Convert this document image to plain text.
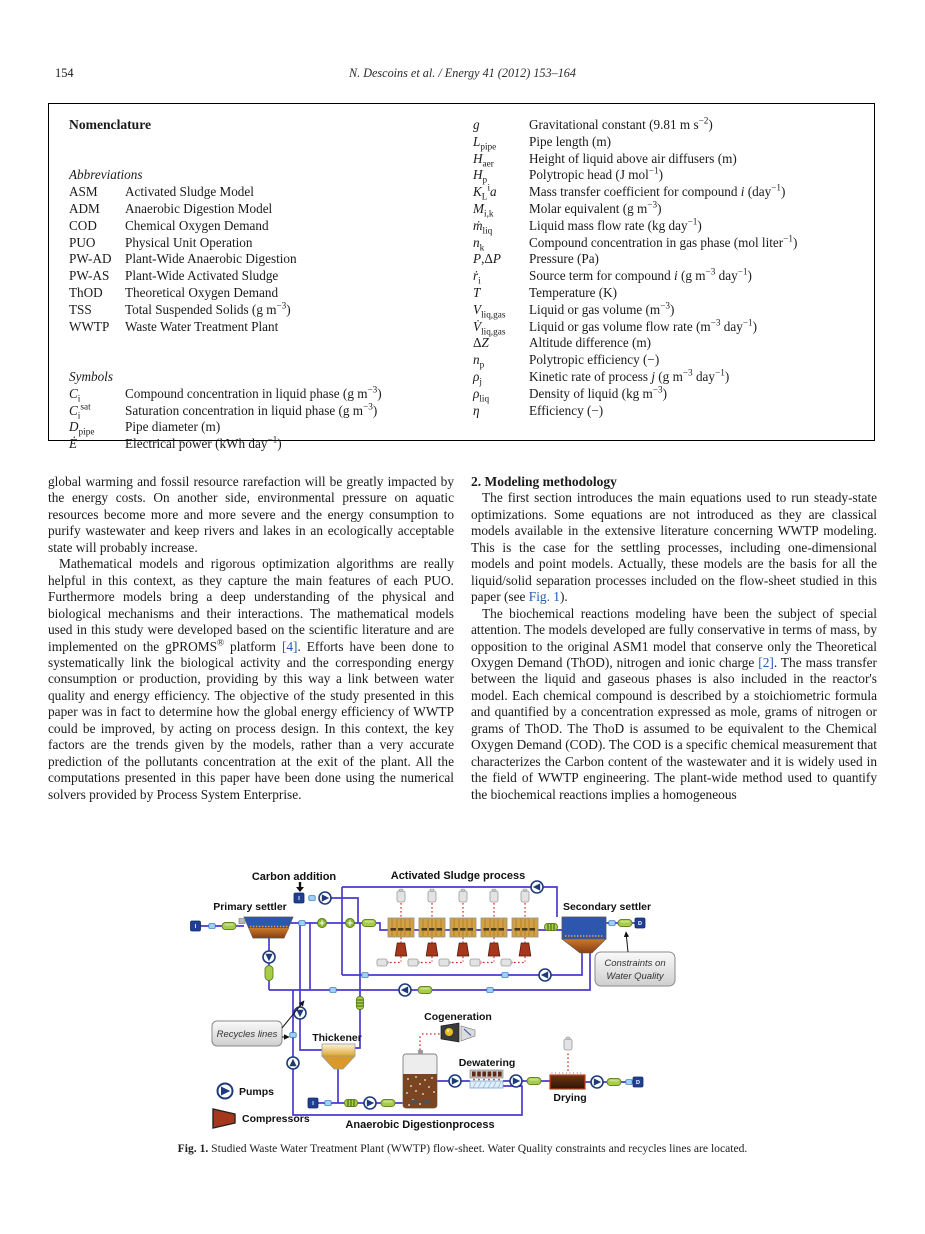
154	N. Descoins et al. / Energy 41 (2012) 153–164
Nomenclature
Abbreviations
ASM	Activated Sludge Model
ADM	Anaerobic Digestion Model
COD	Chemical Oxygen Demand
PUO	Physical Unit Operation
PW-AD	Plant-Wide Anaerobic Digestion
PW-AS	Plant-Wide Activated Sludge
ThOD	Theoretical Oxygen Demand
TSS	Total Suspended Solids (g $m^{-3}$)
WWTP	Waste Water Treatment Plant
Symbols
$C_i$	Compound concentration in liquid phase (g $m^{-3}$)
$C_i^{sat}$	Saturation concentration in liquid phase (g $m^{-3}$)
$D_{pipe}$	Pipe diameter (m)
Ė	Electrical power (kWh day$^{-1}$)
g	Gravitational constant (9.81 m $s^{-2}$)
$L_{pipe}$	Pipe length (m)
$H_{aer}$	Height of liquid above air diffusers (m)
$H_p$	Polytropic head (J mol$^{-1}$)
$K_L^ia$	Mass transfer coefficient for compound i (day$^{-1}$)
$M_{i,k}$	Molar equivalent (g $m^{-3}$)
ṁ$_{liq}$	Liquid mass flow rate (kg day$^{-1}$)
$n_k$	Compound concentration in gas phase (mol liter$^{-1}$)
P,ΔP	Pressure (Pa)
ṙ$_i$	Source term for compound i (g $m^{-3}$ day$^{-1}$)
T	Temperature (K)
$V_{liq,gas}$	Liquid or gas volume $(m^{-3})$
$V̇_{liq,gas}$	Liquid or gas volume flow rate ($m^{-3}$ day$^{-1}$)
ΔZ	Altitude difference (m)
$n_p$	Polytropic efficiency (−)
$\rho_j$	Kinetic rate of process j (g $m^{-3}$ day$^{-1}$)
$\rho_{liq}$	Density of liquid (kg $m^{-3}$)
η	Efficiency (−)

global warming and fossil resource rarefaction will be greatly impacted by the energy costs. On another side, environmental pressure on aquatic resources become more and more severe and the energy consumption to purify wastewater and keep rivers and lakes in an ecologically acceptable state will probably increase.

Mathematical models and rigorous optimization algorithms are really helpful in this context, as they capture the main features of each PUO. Furthermore models bring a deep understanding of the physical and biological mechanisms and their interactions. The mathematical models used in this study were developed based on the scientific literature and are implemented on the gPROMS® platform [4]. Efforts have been done to systematically link the biological activity and the corresponding energy consumption or production, providing by this way a link between water quality and energy efficiency. The objective of the study presented in this paper was in fact to determine how the global energy efficiency of WWTP could be improved, by acting on process design. In this context, the key factors are the trends given by the models, rather than a very accurate prediction of the pollutants concentration at the exit of the plant. All the computations presented in this paper have been done using the numerical solvers provided by Process System Enterprise.

2. Modeling methodology

The first section introduces the main equations used to run steady-state optimizations. Some equations are not introduced as they are classical models available in the extensive literature concerning WWTP modeling. This is the case for the settling processes, including one-dimensional models and point models. Actually, these models are the basis for all the liquid/solid separation processes included on the flow-sheet studied in this paper (see Fig. 1).

The biochemical reactions modeling have been the subject of special attention. The models developed are fully conservative in terms of mass, by opposition to the original ASM1 model that conserve only the Theoretical Oxygen Demand (ThOD), nitrogen and ionic charge [2]. The mass transfer between the liquid and gaseous phases is also included in the reactor's model. Each chemical compound is described by a stoichiometric formula and quantified by a concentration expressed as mole, grams of nitrogen or grams of ThOD. The ThoD is assumed to be equivalent to the Chemical Oxygen Demand (COD). The COD is a specific chemical measurement that characterizes the Carbon content of the wastewater and it is widely used in the field of WWTP engineering. The plant-wide method used to quantify the biochemical reactions implies a homogeneous

I
I
I
D
D
Recycles lines
Constraints on
Water Quality
Pumps
Compressors
Carbon addition	Activated Sludge process
Primary settler	Secondary settler
Thickener
Cogeneration
Dewatering
Drying
Anaerobic Digestionprocess
Fig. 1. Studied Waste Water Treatment Plant (WWTP) flow-sheet. Water Quality constraints and recycles lines are located.
